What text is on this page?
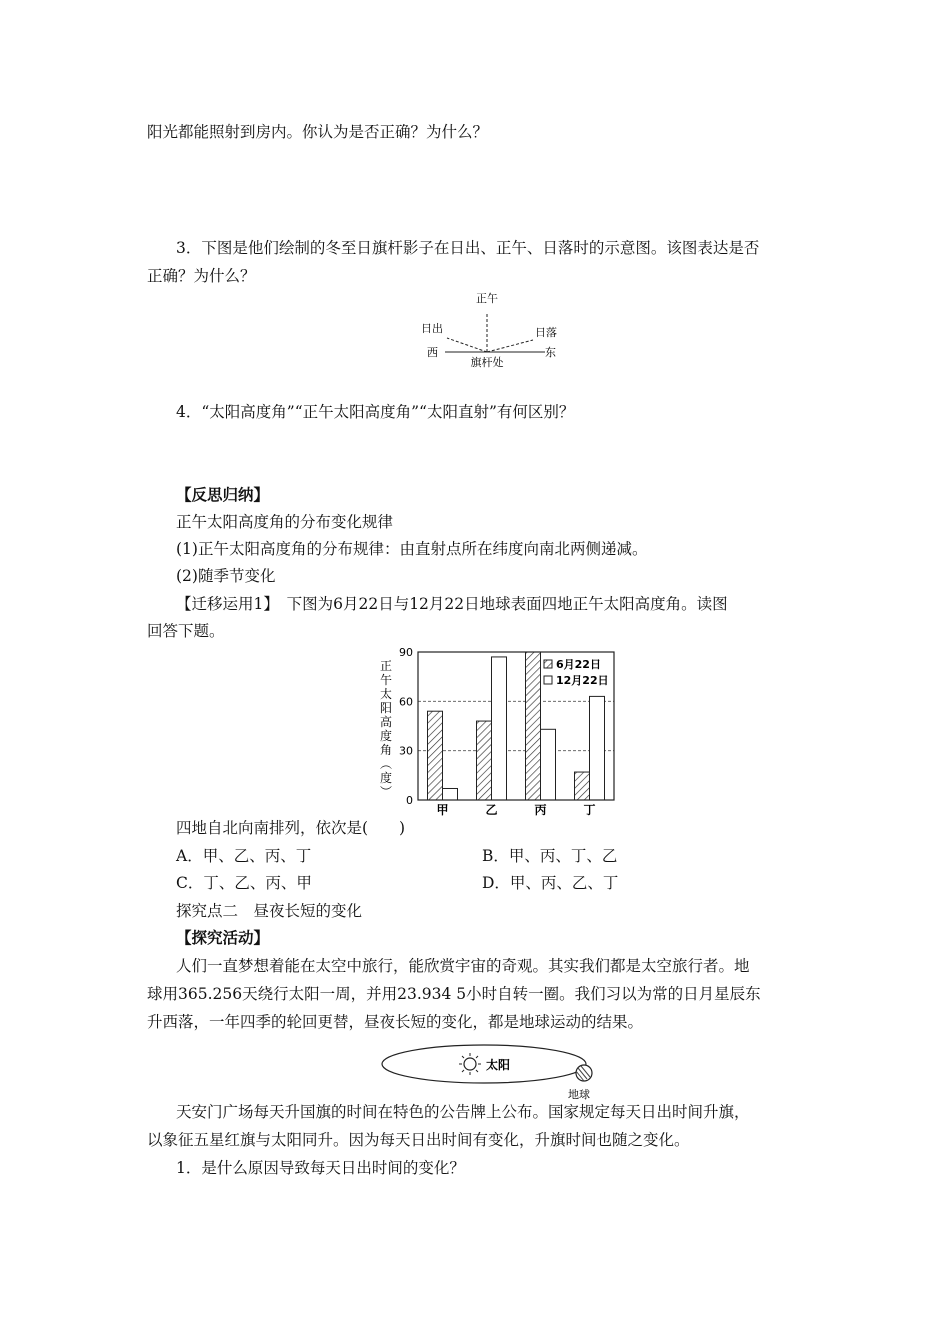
阳光都能照射到房内。你认为是否正确？为什么？
3．下图是他们绘制的冬至日旗杆影子在日出、正午、日落时的示意图。该图表达是否
正确？为什么？
正午
日出	日落
西	东
旗杆处
4．“太阳高度角”“正午太阳高度角”“太阳直射”有何区别？
【反思归纳】
正午太阳高度角的分布变化规律
(1)正午太阳高度角的分布规律：由直射点所在纬度向南北两侧递减。
(2)随季节变化
【迁移运用1】　下图为6月22日与12月22日地球表面四地正午太阳高度角。读图
回答下题。
正
午
太
阳
高
度
角
︵
度
︶
0
30
60
90
甲	乙	丙	丁
6月22日
12月22日
四地自北向南排列，依次是(　　)
A．甲、乙、丙、丁	B．甲、丙、丁、乙
C．丁、乙、丙、甲	D．甲、丙、乙、丁
探究点二　昼夜长短的变化
【探究活动】
人们一直梦想着能在太空中旅行，能欣赏宇宙的奇观。其实我们都是太空旅行者。地
球用365.256天绕行太阳一周，并用23.934 5小时自转一圈。我们习以为常的日月星辰东
升西落，一年四季的轮回更替，昼夜长短的变化，都是地球运动的结果。
太阳
地球
天安门广场每天升国旗的时间在特色的公告牌上公布。国家规定每天日出时间升旗，
以象征五星红旗与太阳同升。因为每天日出时间有变化，升旗时间也随之变化。
1．是什么原因导致每天日出时间的变化？
